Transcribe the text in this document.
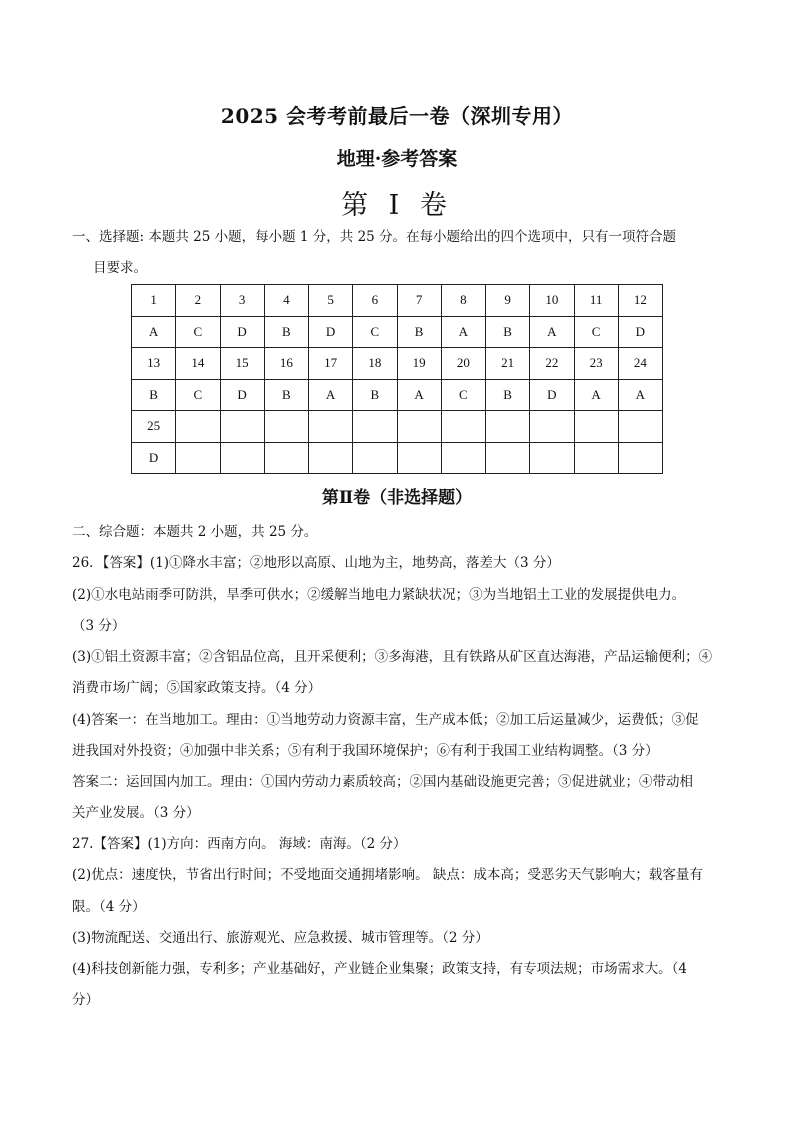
2025 会考考前最后一卷（深圳专用）
地理·参考答案
第 I 卷
一、选择题: 本题共 25 小题，每小题 1 分，共 25 分。在每小题给出的四个选项中，只有一项符合题
目要求。
1	2	3	4	5	6	7	8	9	10	11	12
A	C	D	B	D	C	B	A	B	A	C	D
13	14	15	16	17	18	19	20	21	22	23	24
B	C	D	B	A	B	A	C	B	D	A	A
25											
D											
第Ⅱ卷（非选择题）
二、综合题：本题共 2 小题，共 25 分。
26．【答案】(1)①降水丰富；②地形以高原、山地为主，地势高，落差大（3 分）
(2)①水电站雨季可防洪，旱季可供水；②缓解当地电力紧缺状况；③为当地铝土工业的发展提供电力。
（3 分）
(3)①铝土资源丰富；②含铝品位高，且开采便利；③多海港，且有铁路从矿区直达海港，产品运输便利；④
消费市场广阔；⑤国家政策支持。（4 分）
(4)答案一：在当地加工。理由：①当地劳动力资源丰富，生产成本低；②加工后运量减少，运费低；③促
进我国对外投资；④加强中非关系；⑤有利于我国环境保护；⑥有利于我国工业结构调整。（3 分）
答案二：运回国内加工。理由：①国内劳动力素质较高；②国内基础设施更完善；③促进就业；④带动相
关产业发展。（3 分）
27.【答案】(1)方向：西南方向。 海域：南海。（2 分）
(2)优点：速度快，节省出行时间；不受地面交通拥堵影响。 缺点：成本高；受恶劣天气影响大；载客量有
限。（4 分）
(3)物流配送、交通出行、旅游观光、应急救援、城市管理等。（2 分）
(4)科技创新能力强，专利多；产业基础好，产业链企业集聚；政策支持，有专项法规；市场需求大。（4
分）
